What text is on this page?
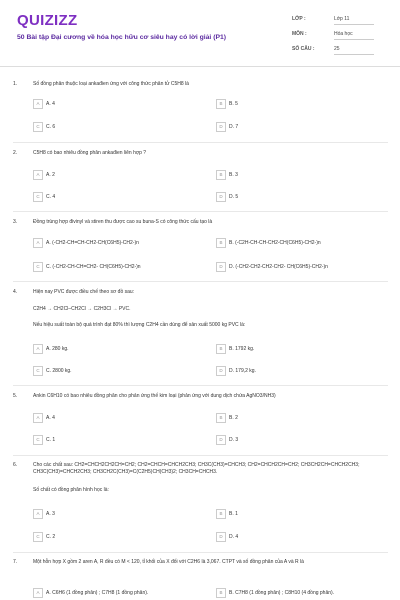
QUIZIZZ
50 Bài tập Đại cương về hóa học hữu cơ siêu hay có lời giải (P1)
LỚP :	Lớp 11
MÔN :	Hóa học
SỐ CÂU :	25
1.	Số đồng phân thuộc loại ankađien ứng với công thức phân tử C5H8 là
A A. 4	B B. 5
C C. 6	D D. 7
2.	C5H8 có bao nhiêu đồng phân ankađien liên hợp ?
A A. 2	B B. 3
C C. 4	D D. 5
3.	Đồng trùng hợp đivinyl và stiren thu được cao su buna-S có công thức cấu tạo là
A A. (-CH2-CH=CH-CH2-CH(C6H5)-CH2-)n	B B. (-C2H-CH-CH-CH2-CH(C6H5)-CH2-)n
C C. (-CH2-CH-CH=CH2- CH(C6H5)-CH2-)n	D D. (-CH2-CH2-CH2-CH2- CH(C6H5)-CH2-)n
4.	Hiện nay PVC được điều chế theo sơ đồ sau:
C2H4 → CH2Cl–CH2Cl → C2H3Cl → PVC.
Nếu hiệu suất toàn bộ quá trình đạt 80% thì lượng C2H4 cần dùng để sản xuất 5000 kg PVC là:
A A. 280 kg.	B B. 1792 kg.
C C. 2800 kg.	D D. 179,2 kg.
5.	Ankin C6H10 có bao nhiêu đồng phân cho phản ứng thế kim loại (phản ứng với dung dịch chứa AgNO3/NH3)
A A. 4	B B. 2
C C. 1	D D. 3
6.	Cho các chất sau: CH2=CHCH2CH2CH=CH2; CH2=CHCH=CHCH2CH3; CH3C(CH3)=CHCH3; CH2=CHCH2CH=CH2; CH3CH2CH=CHCH2CH3; CH3C(CH3)=CHCH2CH3; CH3CH2C(CH3)=C(C2H5)CH(CH3)2; CH3CH=CHCH3.
Số chất có đồng phân hình học là:
A A. 3	B B. 1
C C. 2	D D. 4
7.	Một hỗn hợp X gồm 2 aren A, R đều có M < 120, tỉ khối của X đối với C2H6 là 3,067. CTPT và số đồng phân của A và R là
A A. C6H6 (1 đồng phân) ; C7H8 (1 đồng phân).	B B. C7H8 (1 đồng phân) ; C8H10 (4 đồng phân).
